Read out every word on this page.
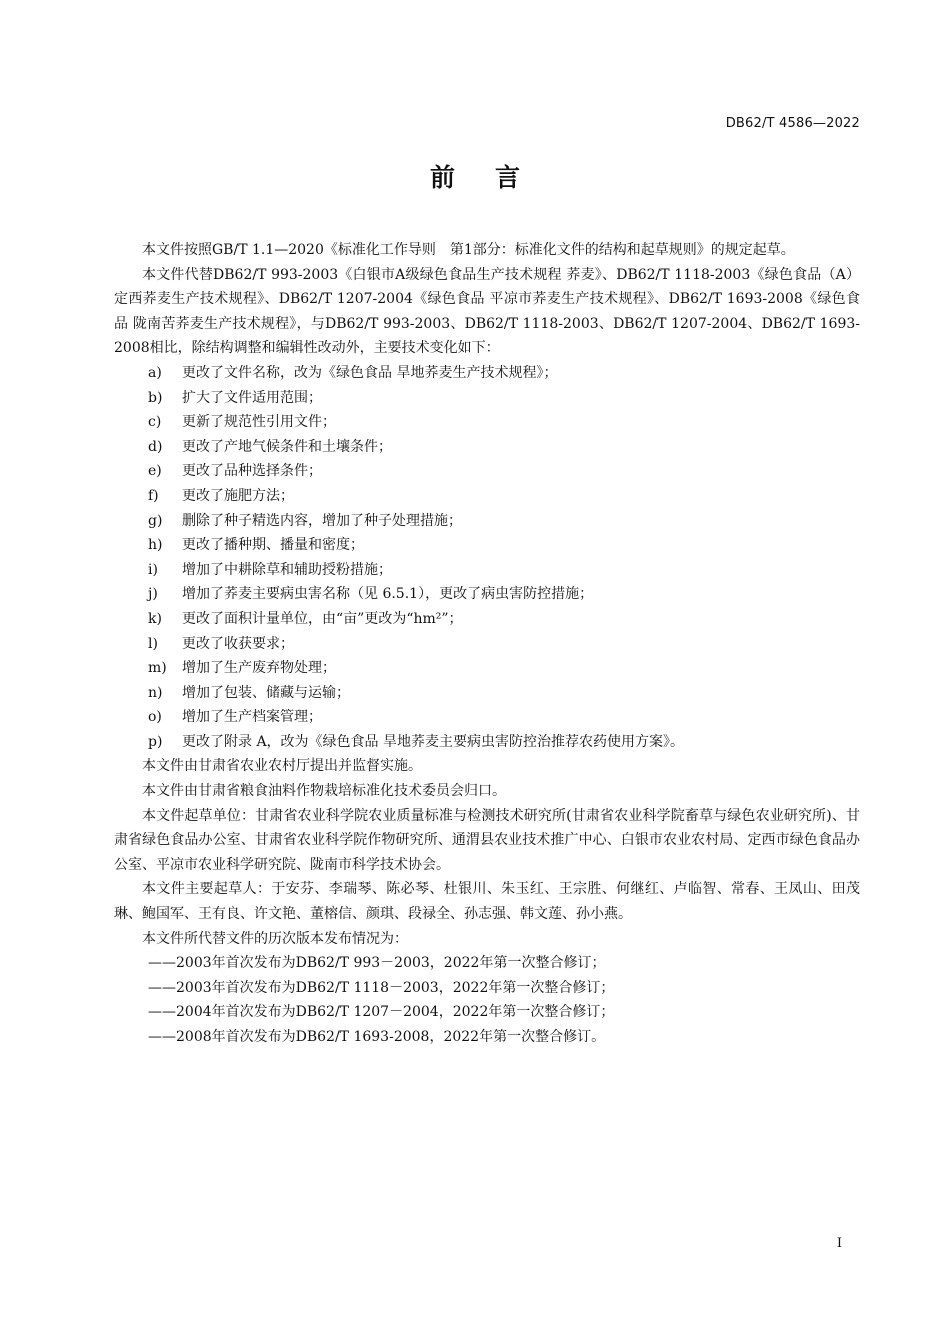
DB62/T 4586—2022
前言

本文件按照GB/T 1.1—2020《标准化工作导则　第1部分：标准化文件的结构和起草规则》的规定起草。

本文件代替DB62/T 993-2003《白银市A级绿色食品生产技术规程 荞麦》、DB62/T 1118-2003《绿色食品（A）定西荞麦生产技术规程》、DB62/T 1207-2004《绿色食品 平凉市荞麦生产技术规程》、DB62/T 1693-2008《绿色食品 陇南苦荞麦生产技术规程》，与DB62/T 993-2003、DB62/T 1118-2003、DB62/T 1207-2004、DB62/T 1693-2008相比，除结构调整和编辑性改动外，主要技术变化如下：

a)	更改了文件名称，改为《绿色食品 旱地荞麦生产技术规程》；

b)	扩大了文件适用范围；

c)	更新了规范性引用文件；

d)	更改了产地气候条件和土壤条件；

e)	更改了品种选择条件；

f)	更改了施肥方法；

g)	删除了种子精选内容，增加了种子处理措施；

h)	更改了播种期、播量和密度；

i)	增加了中耕除草和辅助授粉措施；

j)	增加了荞麦主要病虫害名称（见 6.5.1），更改了病虫害防控措施；

k)	更改了面积计量单位，由“亩”更改为“hm²”；

l)	更改了收获要求；

m)	增加了生产废弃物处理；

n)	增加了包装、储藏与运输；

o)	增加了生产档案管理；

p)	更改了附录 A，改为《绿色食品 旱地荞麦主要病虫害防控治推荐农药使用方案》。

本文件由甘肃省农业农村厅提出并监督实施。

本文件由甘肃省粮食油料作物栽培标准化技术委员会归口。

本文件起草单位：甘肃省农业科学院农业质量标准与检测技术研究所(甘肃省农业科学院畜草与绿色农业研究所)、甘肃省绿色食品办公室、甘肃省农业科学院作物研究所、通渭县农业技术推广中心、白银市农业农村局、定西市绿色食品办公室、平凉市农业科学研究院、陇南市科学技术协会。

本文件主要起草人：于安芬、李瑞琴、陈必琴、杜银川、朱玉红、王宗胜、何继红、卢临智、常春、王凤山、田茂琳、鲍国军、王有良、许文艳、董榕信、颜琪、段禄全、孙志强、韩文莲、孙小燕。

本文件所代替文件的历次版本发布情况为：

——2003年首次发布为DB62/T 993－2003，2022年第一次整合修订；

——2003年首次发布为DB62/T 1118－2003，2022年第一次整合修订；

——2004年首次发布为DB62/T 1207－2004，2022年第一次整合修订；

——2008年首次发布为DB62/T 1693-2008，2022年第一次整合修订。

I
